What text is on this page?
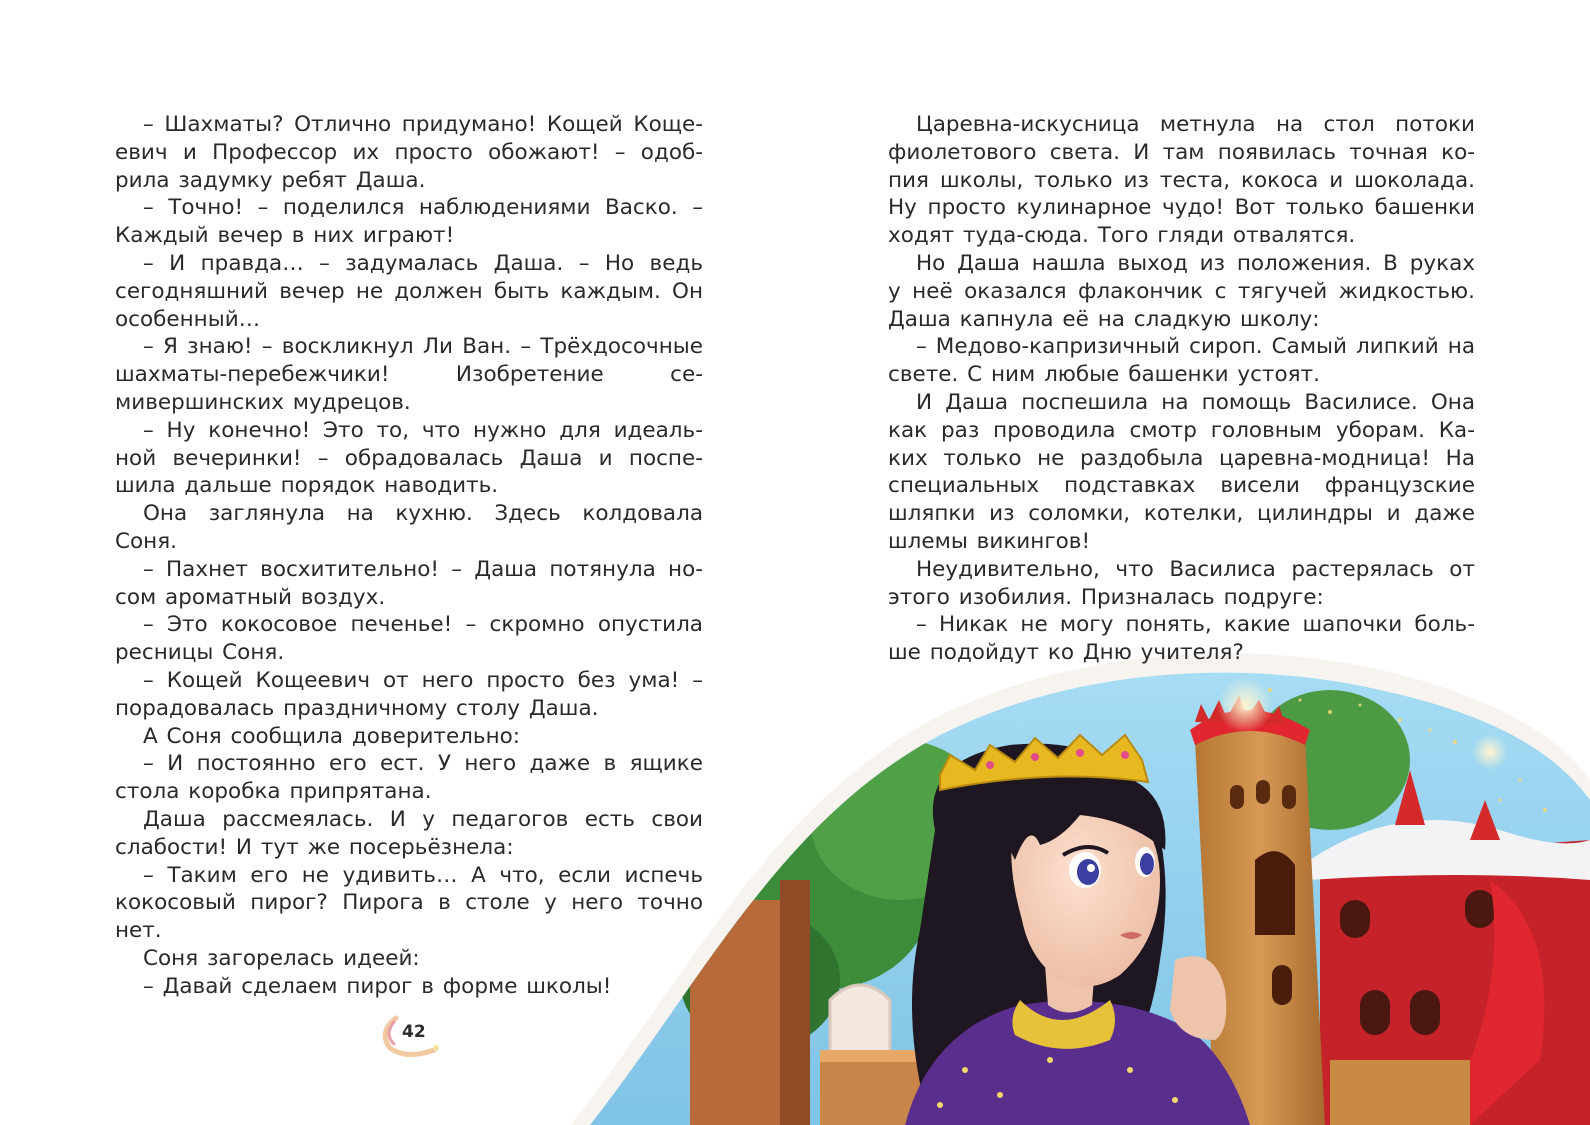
– Шахматы? Отлично придумано! Кощей Кощеевич и Профессор их просто обожают! – одобрила задумку ребят Даша.

– Точно! – поделился наблюдениями Васко. – Каждый вечер в них играют!

– И правда… – задумалась Даша. – Но ведь сегодняшний вечер не должен быть каждым. Он особенный…

– Я знаю! – воскликнул Ли Ван. – Трёхдосочные шахматы-перебежчики! Изобретение семивершинских мудрецов.

– Ну конечно! Это то, что нужно для идеальной вечеринки! – обрадовалась Даша и поспешила дальше порядок наводить.

Она заглянула на кухню. Здесь колдовала Соня.

– Пахнет восхитительно! – Даша потянула носом ароматный воздух.

– Это кокосовое печенье! – скромно опустила ресницы Соня.

– Кощей Кощеевич от него просто без ума! – порадовалась праздничному столу Даша.

А Соня сообщила доверительно:

– И постоянно его ест. У него даже в ящике стола коробка припрятана.

Даша рассмеялась. И у педагогов есть свои слабости! И тут же посерьёзнела:

– Таким его не удивить… А что, если испечь кокосовый пирог? Пирога в столе у него точно нет.

Соня загорелась идеей:

– Давай сделаем пирог в форме школы!

Царевна-искусница метнула на стол потоки фиолетового света. И там появилась точная копия школы, только из теста, кокоса и шоколада. Ну просто кулинарное чудо! Вот только башенки ходят туда-сюда. Того гляди отвалятся.

Но Даша нашла выход из положения. В руках у неё оказался флакончик с тягучей жидкостью. Даша капнула её на сладкую школу:

– Медово-капризичный сироп. Самый липкий на свете. С ним любые башенки устоят.

И Даша поспешила на помощь Василисе. Она как раз проводила смотр головным уборам. Каких только не раздобыла царевна-модница! На специальных подставках висели французские шляпки из соломки, котелки, цилиндры и даже шлемы викингов!

Неудивительно, что Василиса растерялась от этого изобилия. Призналась подруге:

– Никак не могу понять, какие шапочки больше подойдут ко Дню учителя?

42
